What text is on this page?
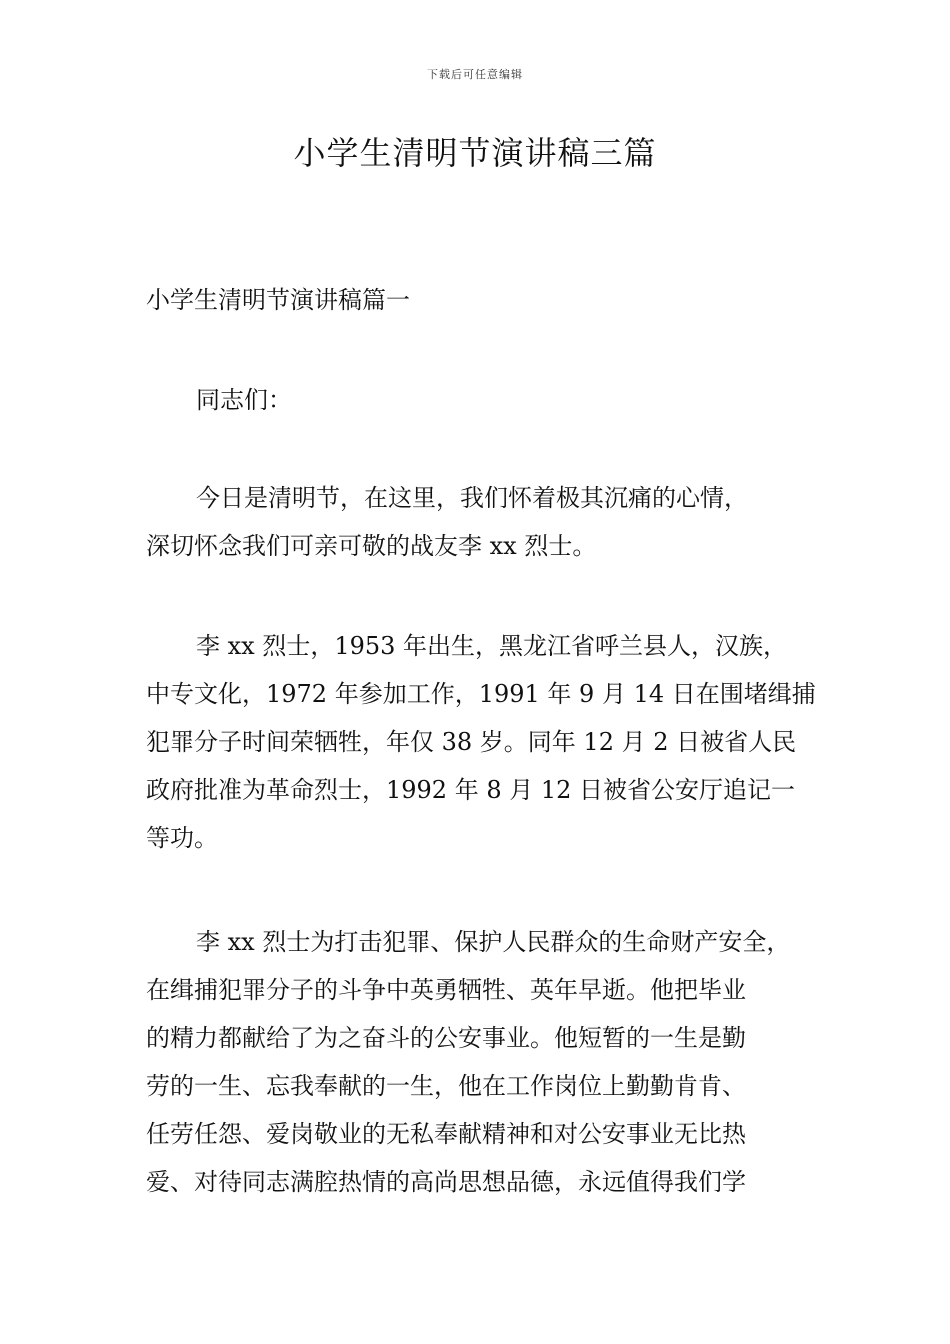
下载后可任意编辑
小学生清明节演讲稿三篇

小学生清明节演讲稿篇一

同志们：

今日是清明节，在这里，我们怀着极其沉痛的心情，
深切怀念我们可亲可敬的战友李 xx 烈士。

李 xx 烈士，1953 年出生，黑龙江省呼兰县人，汉族，
中专文化，1972 年参加工作，1991 年 9 月 14 日在围堵缉捕
犯罪分子时间荣牺牲，年仅 38 岁。同年 12 月 2 日被省人民
政府批准为革命烈士，1992 年 8 月 12 日被省公安厅追记一
等功。

李 xx 烈士为打击犯罪、保护人民群众的生命财产安全，
在缉捕犯罪分子的斗争中英勇牺牲、英年早逝。他把毕业
的精力都献给了为之奋斗的公安事业。他短暂的一生是勤
劳的一生、忘我奉献的一生，他在工作岗位上勤勤肯肯、
任劳任怨、爱岗敬业的无私奉献精神和对公安事业无比热
爱、对待同志满腔热情的高尚思想品德，永远值得我们学
